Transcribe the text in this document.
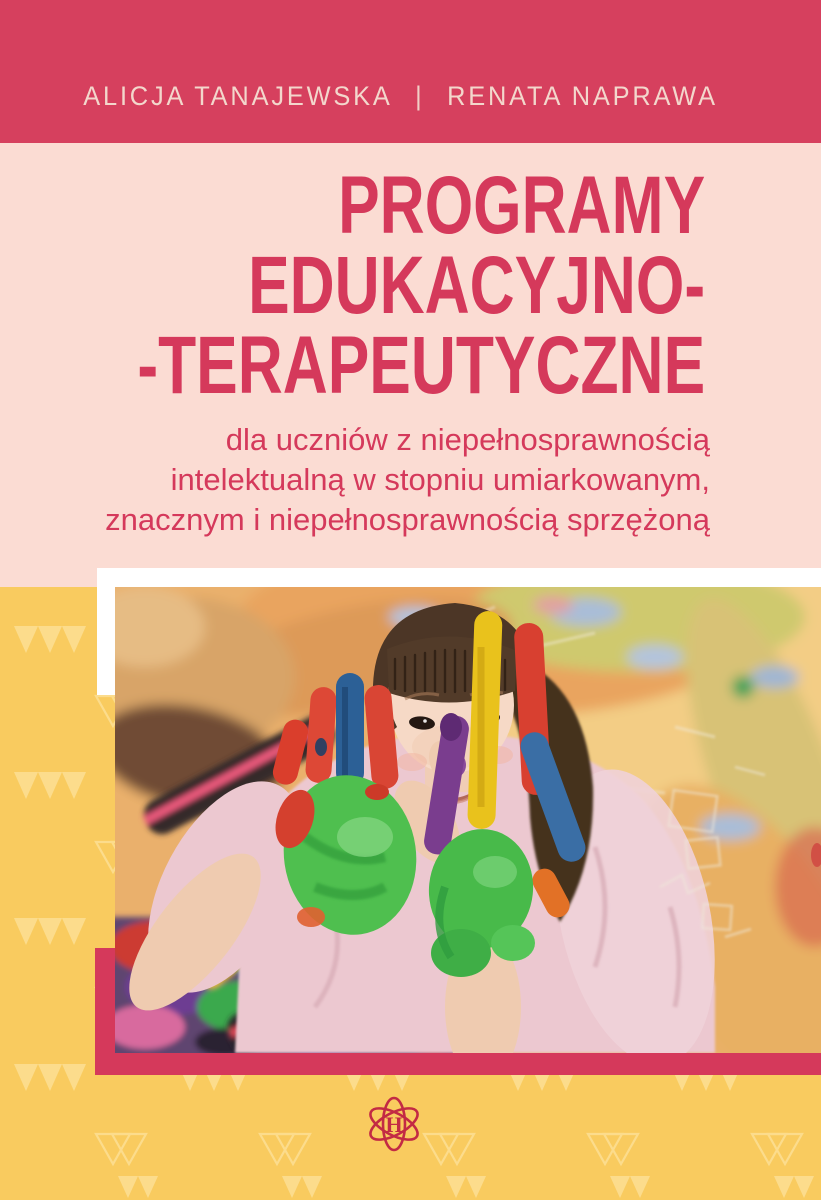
ALICJA TANAJEWSKA | RENATA NAPRAWA
PROGRAMY
EDUKACYJNO-
-TERAPEUTYCZNE
dla uczniów z niepełnosprawnością
intelektualną w stopniu umiarkowanym,
znacznym i niepełnosprawnością sprzężoną
H
